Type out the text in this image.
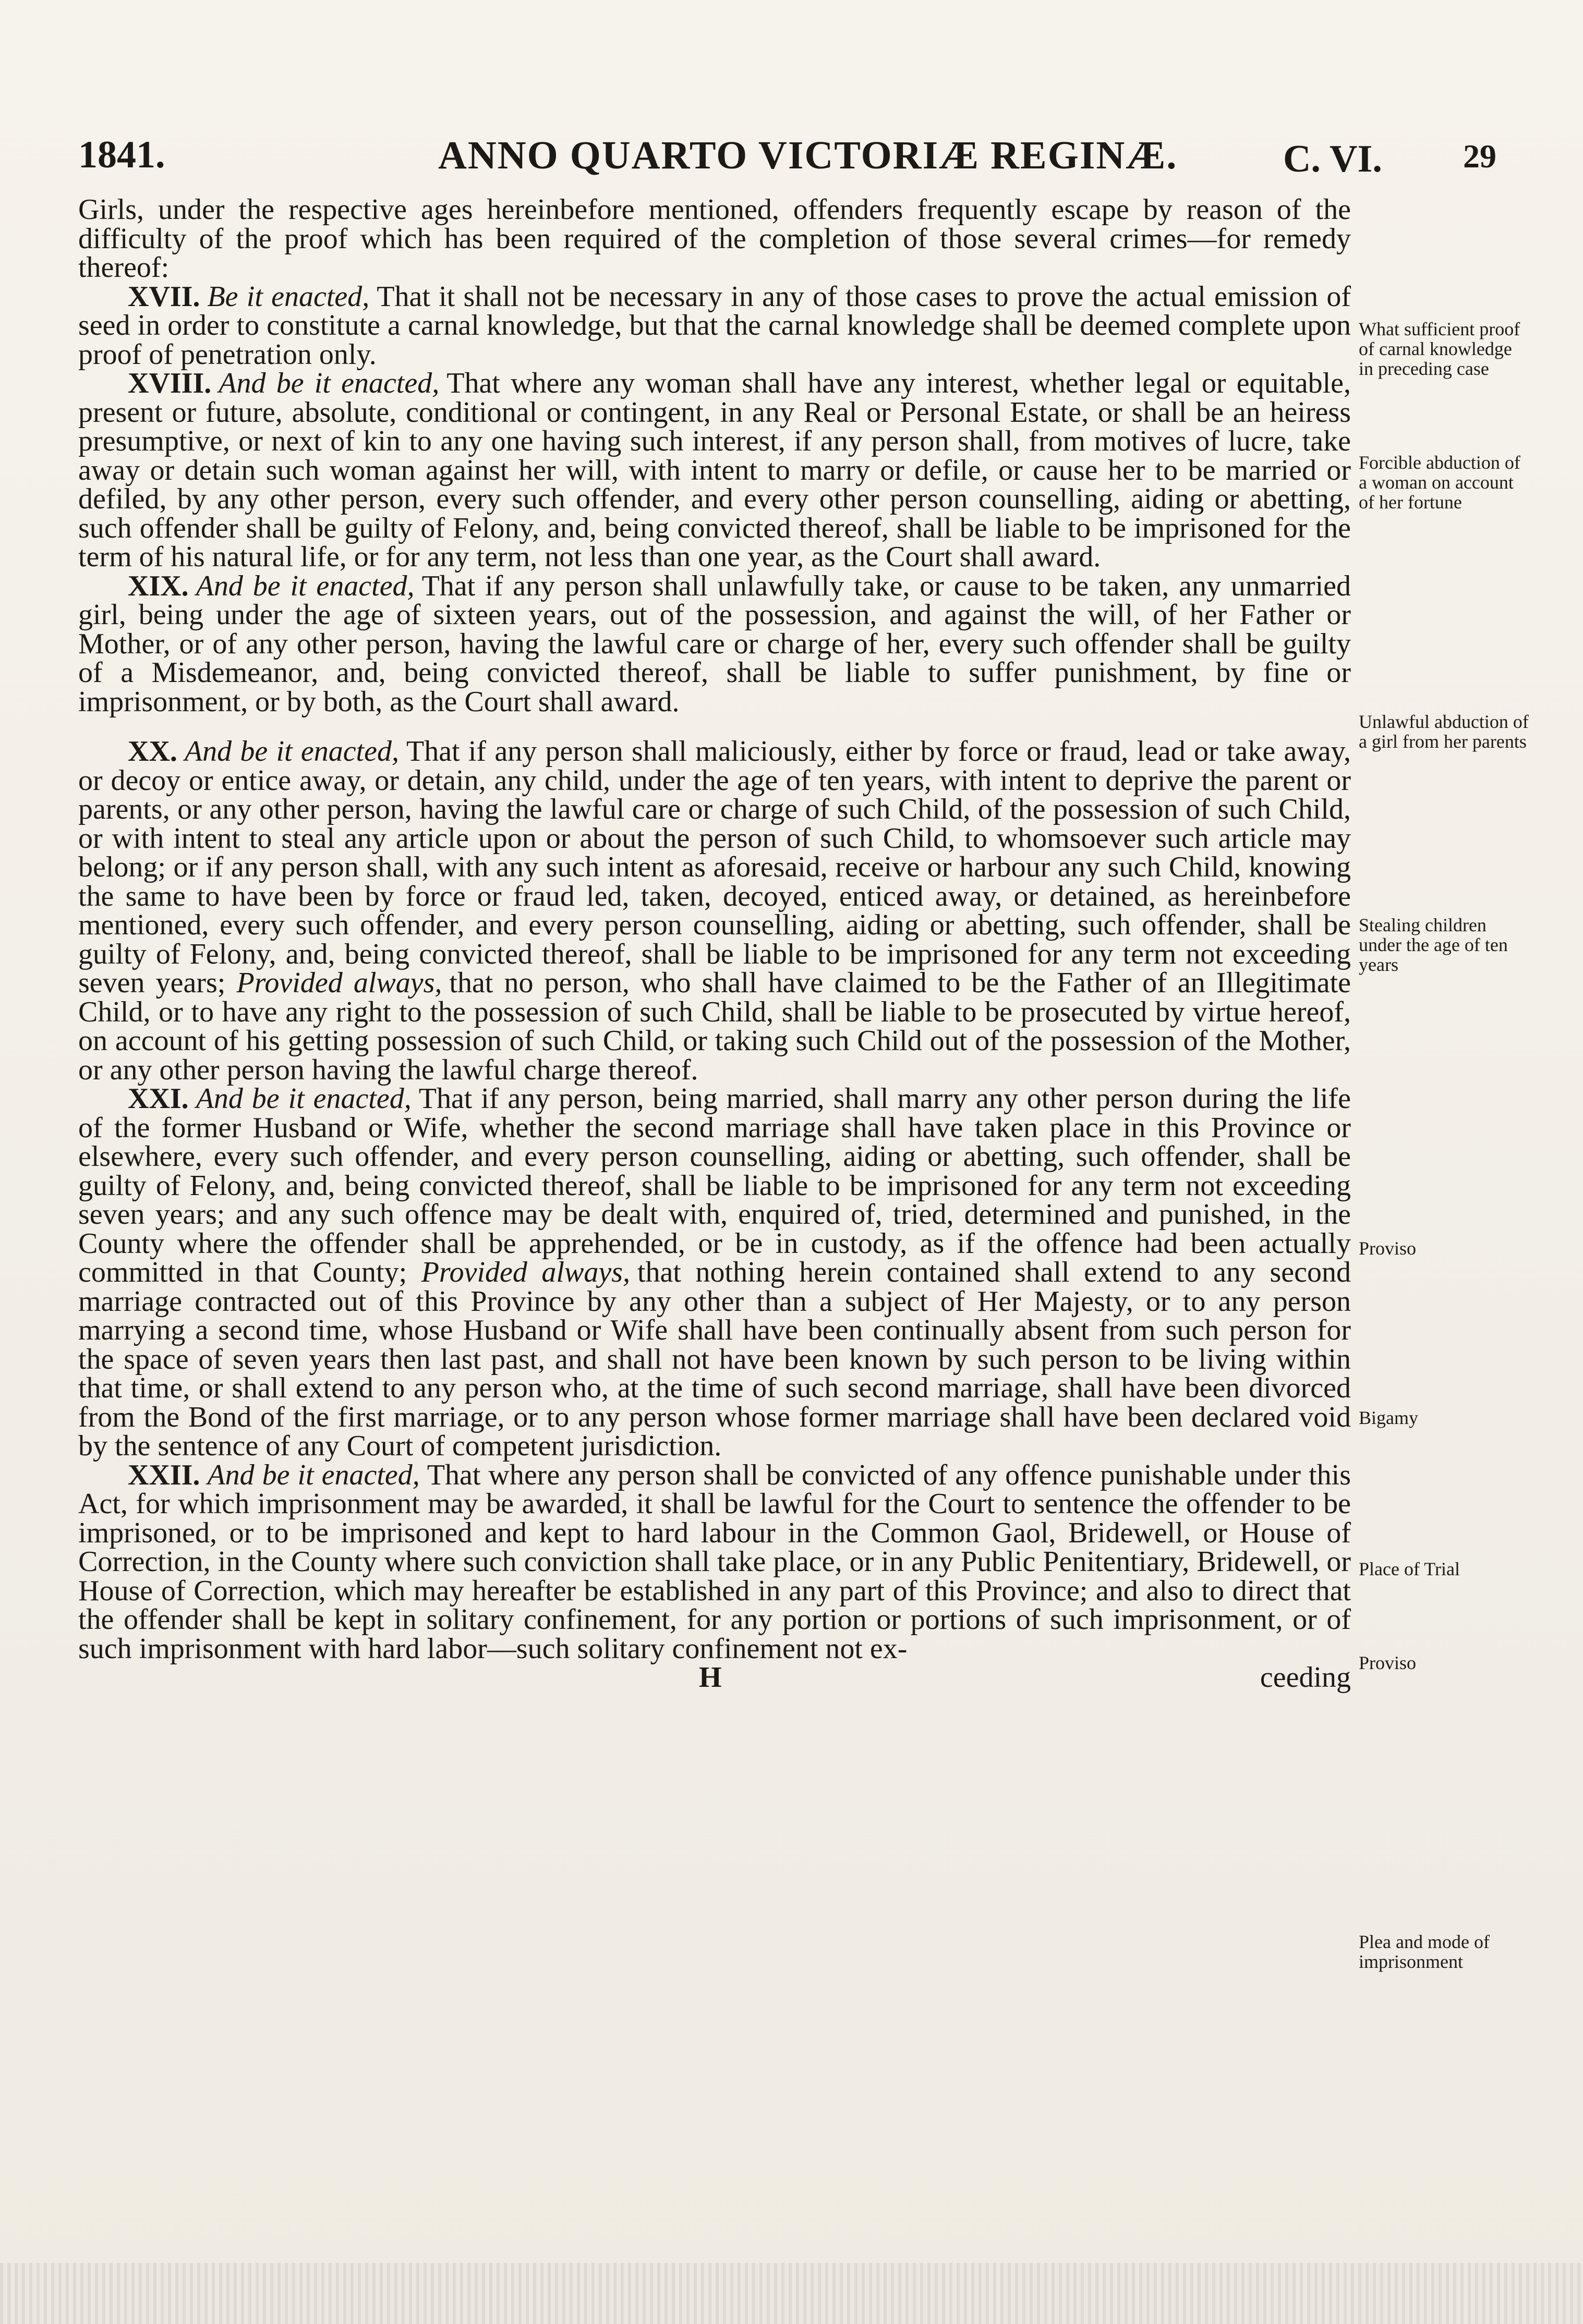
1841.	ANNO QUARTO VICTORIÆ REGINÆ.	C. VI. 29

Girls, under the respective ages hereinbefore mentioned, offenders frequently escape by reason of the difficulty of the proof which has been required of the completion of those several crimes—for remedy thereof:

XVII. Be it enacted, That it shall not be necessary in any of those cases to prove the actual emission of seed in order to constitute a carnal knowledge, but that the carnal knowledge shall be deemed complete upon proof of penetration only.

XVIII. And be it enacted, That where any woman shall have any interest, whether legal or equitable, present or future, absolute, conditional or contingent, in any Real or Personal Estate, or shall be an heiress presumptive, or next of kin to any one having such interest, if any person shall, from motives of lucre, take away or detain such woman against her will, with intent to marry or defile, or cause her to be married or defiled, by any other person, every such offender, and every other person counselling, aiding or abetting, such offender shall be guilty of Felony, and, being convicted thereof, shall be liable to be imprisoned for the term of his natural life, or for any term, not less than one year, as the Court shall award.

XIX. And be it enacted, That if any person shall unlawfully take, or cause to be taken, any unmarried girl, being under the age of sixteen years, out of the possession, and against the will, of her Father or Mother, or of any other person, having the lawful care or charge of her, every such offender shall be guilty of a Misdemeanor, and, being convicted thereof, shall be liable to suffer punishment, by fine or imprisonment, or by both, as the Court shall award.

XX. And be it enacted, That if any person shall maliciously, either by force or fraud, lead or take away, or decoy or entice away, or detain, any child, under the age of ten years, with intent to deprive the parent or parents, or any other person, having the lawful care or charge of such Child, of the possession of such Child, or with intent to steal any article upon or about the person of such Child, to whomsoever such article may belong; or if any person shall, with any such intent as aforesaid, receive or harbour any such Child, knowing the same to have been by force or fraud led, taken, decoyed, enticed away, or detained, as hereinbefore mentioned, every such offender, and every person counselling, aiding or abetting, such offender, shall be guilty of Felony, and, being convicted thereof, shall be liable to be imprisoned for any term not exceeding seven years; Provided always, that no person, who shall have claimed to be the Father of an Illegitimate Child, or to have any right to the possession of such Child, shall be liable to be prosecuted by virtue hereof, on account of his getting possession of such Child, or taking such Child out of the possession of the Mother, or any other person having the lawful charge thereof.

XXI. And be it enacted, That if any person, being married, shall marry any other person during the life of the former Husband or Wife, whether the second marriage shall have taken place in this Province or elsewhere, every such offender, and every person counselling, aiding or abetting, such offender, shall be guilty of Felony, and, being convicted thereof, shall be liable to be imprisoned for any term not exceeding seven years; and any such offence may be dealt with, enquired of, tried, determined and punished, in the County where the offender shall be apprehended, or be in custody, as if the offence had been actually committed in that County; Provided always, that nothing herein contained shall extend to any second marriage contracted out of this Province by any other than a subject of Her Majesty, or to any person marrying a second time, whose Husband or Wife shall have been continually absent from such person for the space of seven years then last past, and shall not have been known by such person to be living within that time, or shall extend to any person who, at the time of such second marriage, shall have been divorced from the Bond of the first marriage, or to any person whose former marriage shall have been declared void by the sentence of any Court of competent jurisdiction.

XXII. And be it enacted, That where any person shall be convicted of any offence punishable under this Act, for which imprisonment may be awarded, it shall be lawful for the Court to sentence the offender to be imprisoned, or to be imprisoned and kept to hard labour in the Common Gaol, Bridewell, or House of Correction, in the County where such conviction shall take place, or in any Public Penitentiary, Bridewell, or House of Correction, which may hereafter be established in any part of this Province; and also to direct that the offender shall be kept in solitary confinement, for any portion or portions of such imprisonment, or of such imprisonment with hard labor—such solitary confinement not ex-

H	ceeding

What sufficient proof of carnal knowledge in preceding case
Forcible abduction of a woman on account of her fortune
Unlawful abduction of a girl from her parents
Stealing children under the age of ten years
Proviso
Bigamy
Place of Trial
Proviso
Plea and mode of imprisonment
